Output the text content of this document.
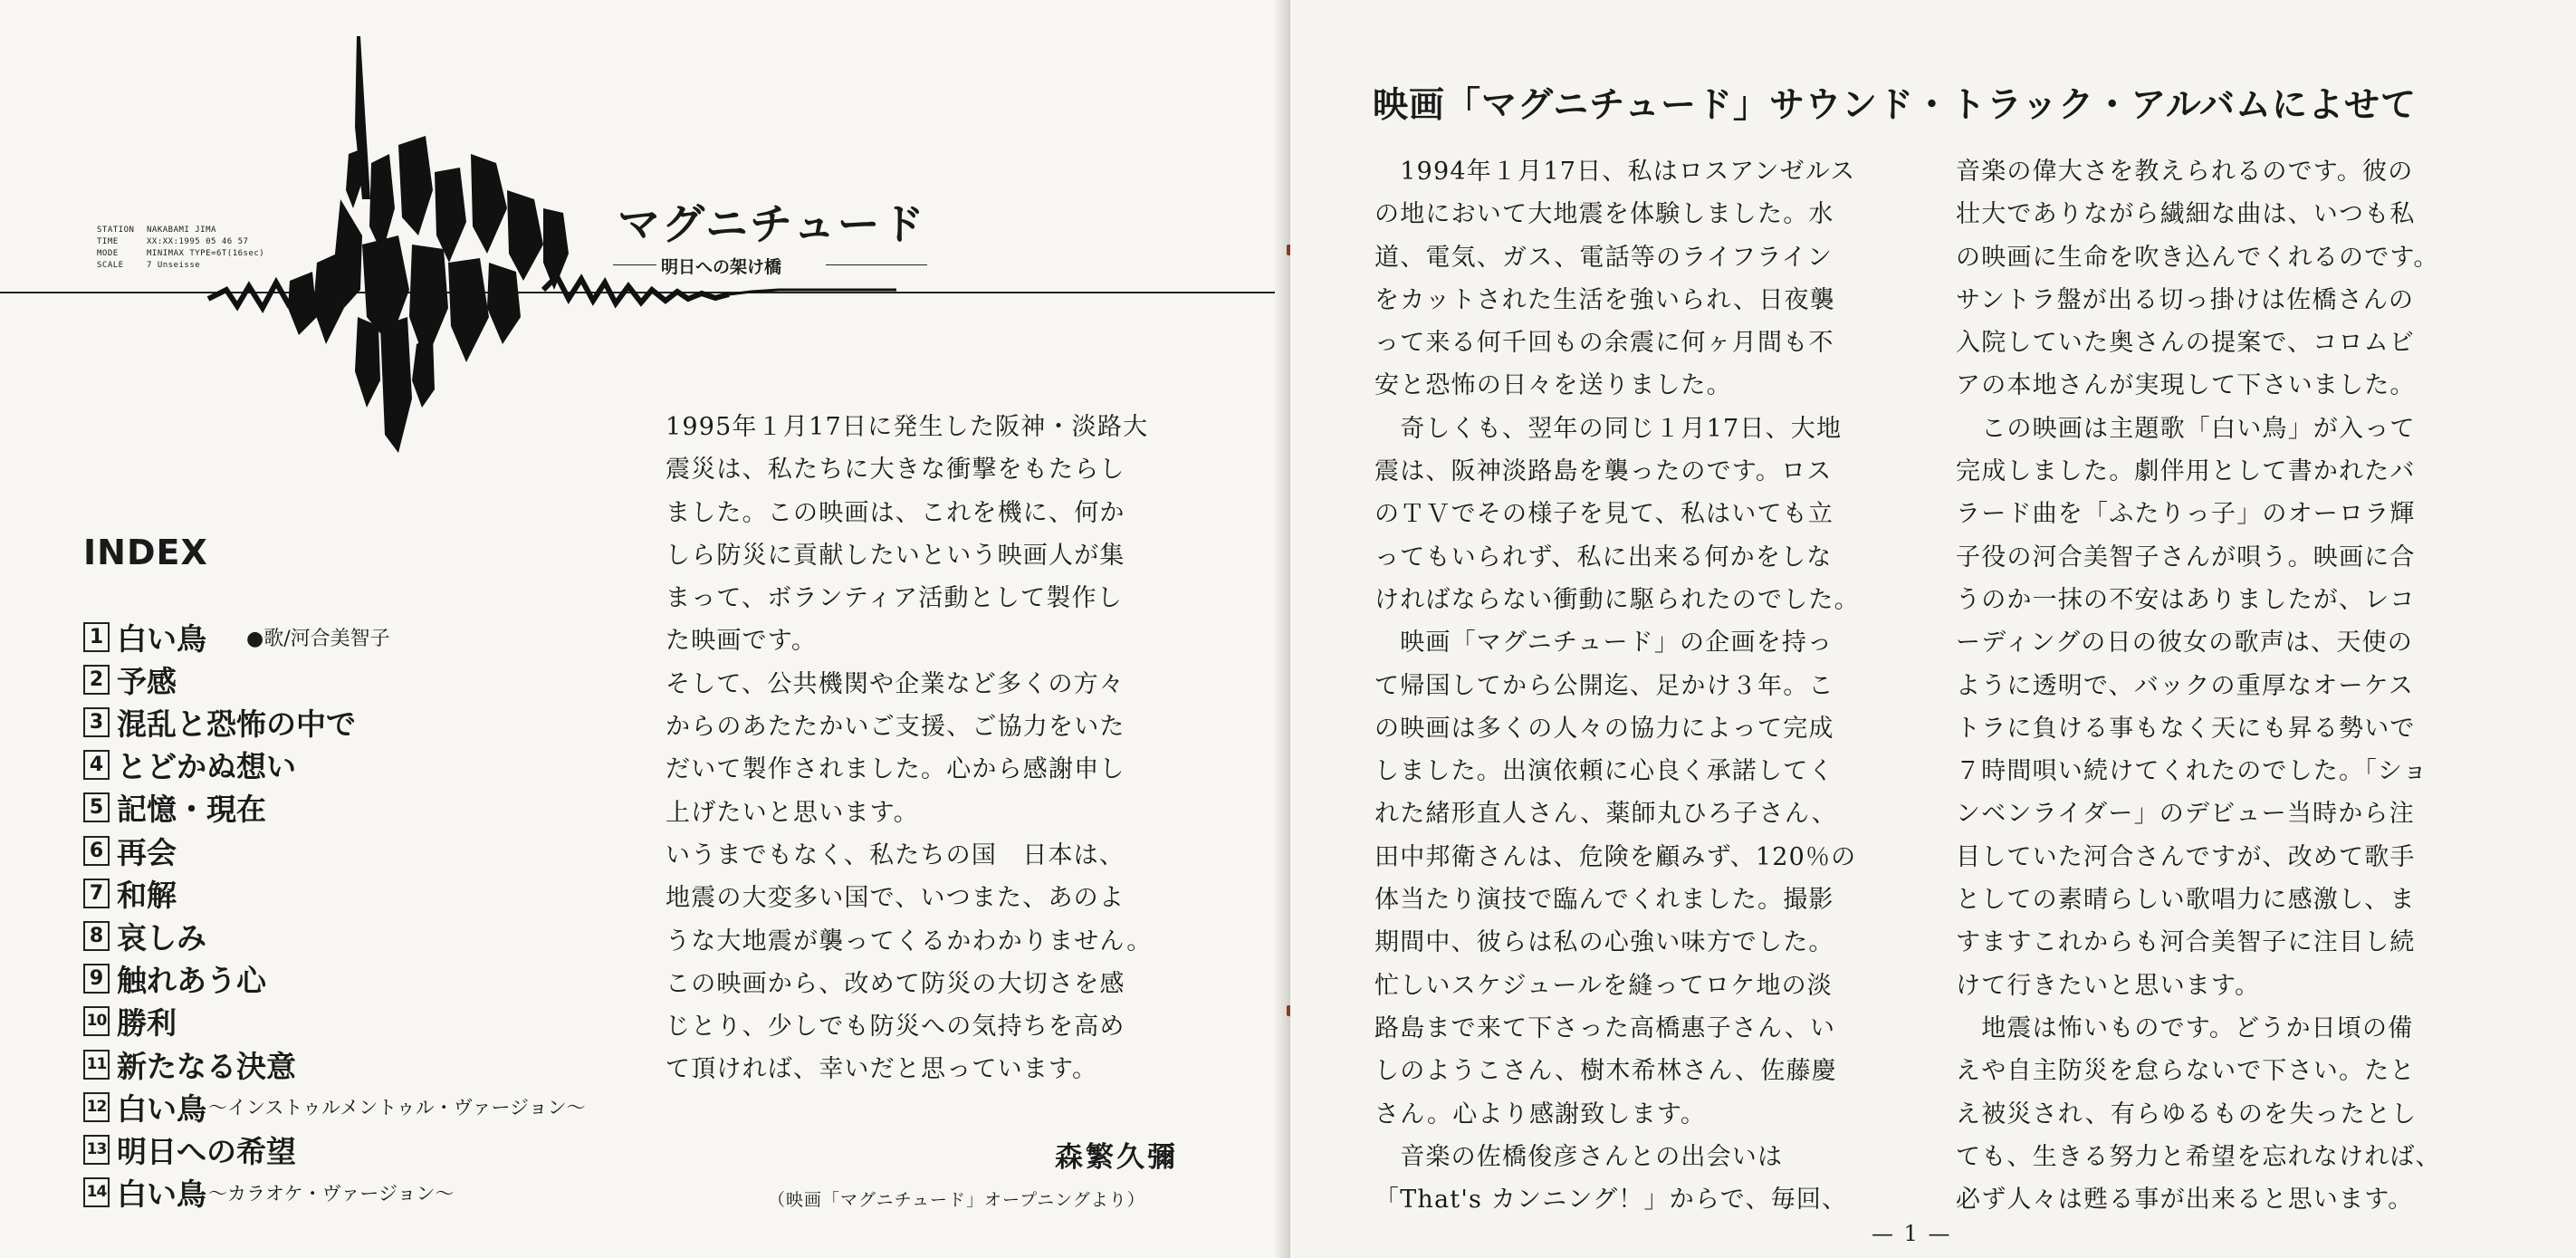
STATION	NAKABAMI JIMA
TIME	XX:XX:1995 05 46 57
MODE	MINIMAX TYPE=6T(16sec)
SCALE	7 Unseisse
マグニチュード
明日への架け橋
INDEX
1 白い鳥 ●歌/河合美智子
2 予感
3 混乱と恐怖の中で
4 とどかぬ想い
5 記憶・現在
6 再会
7 和解
8 哀しみ
9 触れあう心
10 勝利
11 新たなる決意
12 白い鳥 〜インストゥルメントゥル・ヴァージョン〜
13 明日への希望
14 白い鳥 〜カラオケ・ヴァージョン〜

1995年１月17日に発生した阪神・淡路大
震災は、私たちに大きな衝撃をもたらし
ました。この映画は、これを機に、何か
しら防災に貢献したいという映画人が集
まって、ボランティア活動として製作し
た映画です。
そして、公共機関や企業など多くの方々
からのあたたかいご支援、ご協力をいた
だいて製作されました。心から感謝申し
上げたいと思います。
いうまでもなく、私たちの国　日本は、
地震の大変多い国で、いつまた、あのよ
うな大地震が襲ってくるかわかりません。
この映画から、改めて防災の大切さを感
じとり、少しでも防災への気持ちを高め
て頂ければ、幸いだと思っています。

森繁久彌
（映画「マグニチュード」オープニングより）
映画「マグニチュード」サウンド・トラック・アルバムによせて

　1994年１月17日、私はロスアンゼルス
の地において大地震を体験しました。水
道、電気、ガス、電話等のライフライン
をカットされた生活を強いられ、日夜襲
って来る何千回もの余震に何ヶ月間も不
安と恐怖の日々を送りました。
　奇しくも、翌年の同じ１月17日、大地
震は、阪神淡路島を襲ったのです。ロス
のＴＶでその様子を見て、私はいても立
ってもいられず、私に出来る何かをしな
ければならない衝動に駆られたのでした。
　映画「マグニチュード」の企画を持っ
て帰国してから公開迄、足かけ３年。こ
の映画は多くの人々の協力によって完成
しました。出演依頼に心良く承諾してく
れた緒形直人さん、薬師丸ひろ子さん、
田中邦衛さんは、危険を顧みず、120％の
体当たり演技で臨んでくれました。撮影
期間中、彼らは私の心強い味方でした。
忙しいスケジュールを縫ってロケ地の淡
路島まで来て下さった高橋惠子さん、い
しのようこさん、樹木希林さん、佐藤慶
さん。心より感謝致します。
　音楽の佐橋俊彦さんとの出会いは
「That's カンニング！」からで、毎回、

音楽の偉大さを教えられるのです。彼の
壮大でありながら繊細な曲は、いつも私
の映画に生命を吹き込んでくれるのです。
サントラ盤が出る切っ掛けは佐橋さんの
入院していた奥さんの提案で、コロムビ
アの本地さんが実現して下さいました。
　この映画は主題歌「白い鳥」が入って
完成しました。劇伴用として書かれたバ
ラード曲を「ふたりっ子」のオーロラ輝
子役の河合美智子さんが唄う。映画に合
うのか一抹の不安はありましたが、レコ
ーディングの日の彼女の歌声は、天使の
ように透明で、バックの重厚なオーケス
トラに負ける事もなく天にも昇る勢いで
７時間唄い続けてくれたのでした。「ショ
ンベンライダー」のデビュー当時から注
目していた河合さんですが、改めて歌手
としての素晴らしい歌唱力に感激し、ま
すますこれからも河合美智子に注目し続
けて行きたいと思います。
　地震は怖いものです。どうか日頃の備
えや自主防災を怠らないで下さい。たと
え被災され、有らゆるものを失ったとし
ても、生きる努力と希望を忘れなければ、
必ず人々は甦る事が出来ると思います。

— 1 —
